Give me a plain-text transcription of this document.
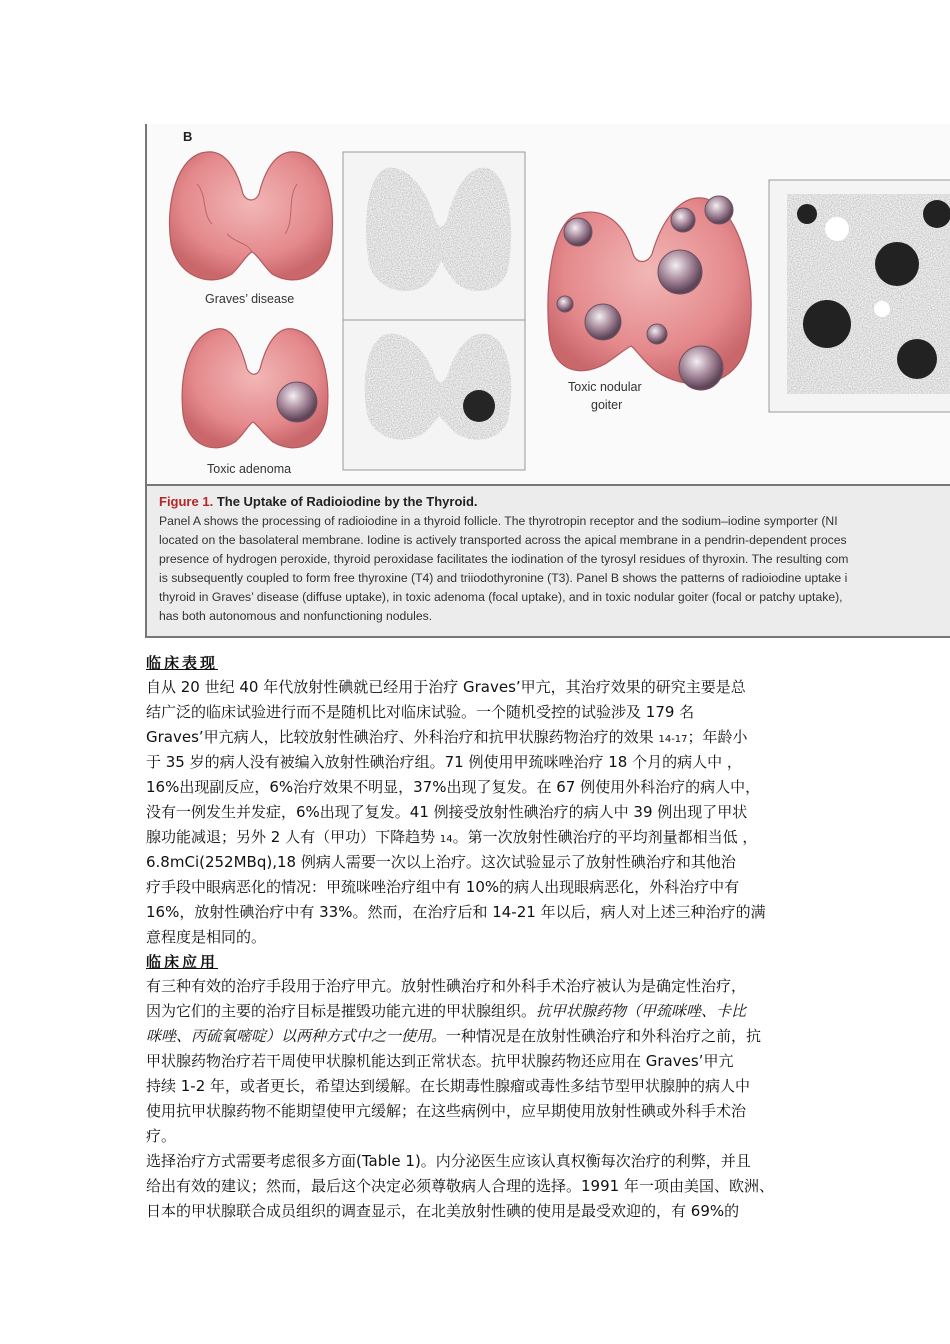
B
Graves’ disease
Toxic adenoma
Toxic nodular
goiter
Figure 1. The Uptake of Radioiodine by the Thyroid.
Panel A shows the processing of radioiodine in a thyroid follicle. The thyrotropin receptor and the sodium–iodine symporter (NI
located on the basolateral membrane. Iodine is actively transported across the apical membrane in a pendrin-dependent proces
presence of hydrogen peroxide, thyroid peroxidase facilitates the iodination of the tyrosyl residues of thyroxin. The resulting com
is subsequently coupled to form free thyroxine (T4) and triiodothyronine (T3). Panel B shows the patterns of radioiodine uptake i
thyroid in Graves’ disease (diffuse uptake), in toxic adenoma (focal uptake), and in toxic nodular goiter (focal or patchy uptake),
has both autonomous and nonfunctioning nodules.
临床表现

自从 20 世纪 40 年代放射性碘就已经用于治疗 Graves’甲亢，其治疗效果的研究主要是总

结广泛的临床试验进行而不是随机比对临床试验。一个随机受控的试验涉及 179 名

Graves’甲亢病人，比较放射性碘治疗、外科治疗和抗甲状腺药物治疗的效果 14-17；年龄小

于 35 岁的病人没有被编入放射性碘治疗组。71 例使用甲巯咪唑治疗 18 个月的病人中 ，

16%出现副反应，6%治疗效果不明显，37%出现了复发。在 67 例使用外科治疗的病人中，

没有一例发生并发症，6%出现了复发。41 例接受放射性碘治疗的病人中 39 例出现了甲状

腺功能减退；另外 2 人有（甲功）下降趋势 14。第一次放射性碘治疗的平均剂量都相当低 ，

6.8mCi(252MBq),18 例病人需要一次以上治疗。这次试验显示了放射性碘治疗和其他治

疗手段中眼病恶化的情况：甲巯咪唑治疗组中有 10%的病人出现眼病恶化，外科治疗中有

16%，放射性碘治疗中有 33%。然而，在治疗后和 14-21 年以后，病人对上述三种治疗的满

意程度是相同的。

临床应用

有三种有效的治疗手段用于治疗甲亢。放射性碘治疗和外科手术治疗被认为是确定性治疗，

因为它们的主要的治疗目标是摧毁功能亢进的甲状腺组织。抗甲状腺药物（甲巯咪唑、卡比

咪唑、丙硫氧嘧啶）以两种方式中之一使用。一种情况是在放射性碘治疗和外科治疗之前，抗

甲状腺药物治疗若干周使甲状腺机能达到正常状态。抗甲状腺药物还应用在 Graves’甲亢

持续 1-2 年，或者更长，希望达到缓解。在长期毒性腺瘤或毒性多结节型甲状腺肿的病人中

使用抗甲状腺药物不能期望使甲亢缓解；在这些病例中，应早期使用放射性碘或外科手术治

疗。

选择治疗方式需要考虑很多方面(Table 1)。内分泌医生应该认真权衡每次治疗的利弊，并且

给出有效的建议；然而，最后这个决定必须尊敬病人合理的选择。1991 年一项由美国、欧洲、

日本的甲状腺联合成员组织的调查显示，在北美放射性碘的使用是最受欢迎的，有 69%的
